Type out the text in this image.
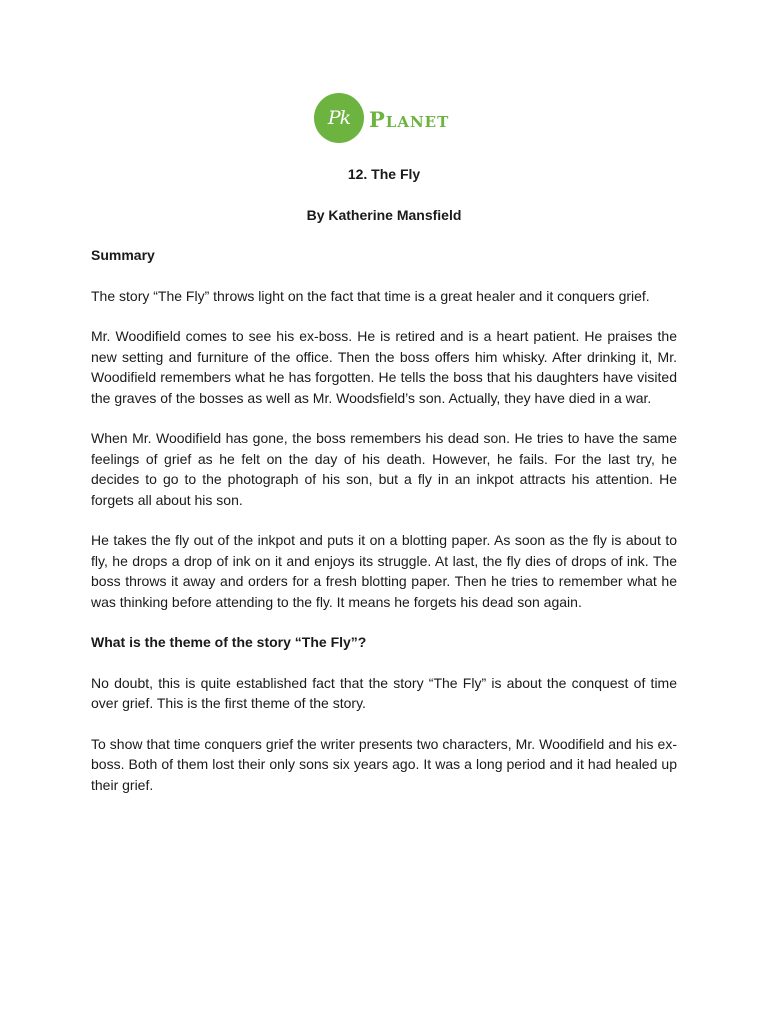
Pk Planet

12. The Fly

By Katherine Mansfield

Summary

The story “The Fly” throws light on the fact that time is a great healer and it conquers grief.

Mr. Woodifield comes to see his ex-boss. He is retired and is a heart patient. He praises the new setting and furniture of the office. Then the boss offers him whisky. After drinking it, Mr. Woodifield remembers what he has forgotten. He tells the boss that his daughters have visited the graves of the bosses as well as Mr. Woodsfield’s son. Actually, they have died in a war.

When Mr. Woodifield has gone, the boss remembers his dead son. He tries to have the same feelings of grief as he felt on the day of his death. However, he fails. For the last try, he decides to go to the photograph of his son, but a fly in an inkpot attracts his attention. He forgets all about his son.

He takes the fly out of the inkpot and puts it on a blotting paper. As soon as the fly is about to fly, he drops a drop of ink on it and enjoys its struggle. At last, the fly dies of drops of ink. The boss throws it away and orders for a fresh blotting paper. Then he tries to remember what he was thinking before attending to the fly. It means he forgets his dead son again.

What is the theme of the story “The Fly”?

No doubt, this is quite established fact that the story “The Fly” is about the conquest of time over grief. This is the first theme of the story.

To show that time conquers grief the writer presents two characters, Mr. Woodifield and his ex-boss. Both of them lost their only sons six years ago. It was a long period and it had healed up their grief.
